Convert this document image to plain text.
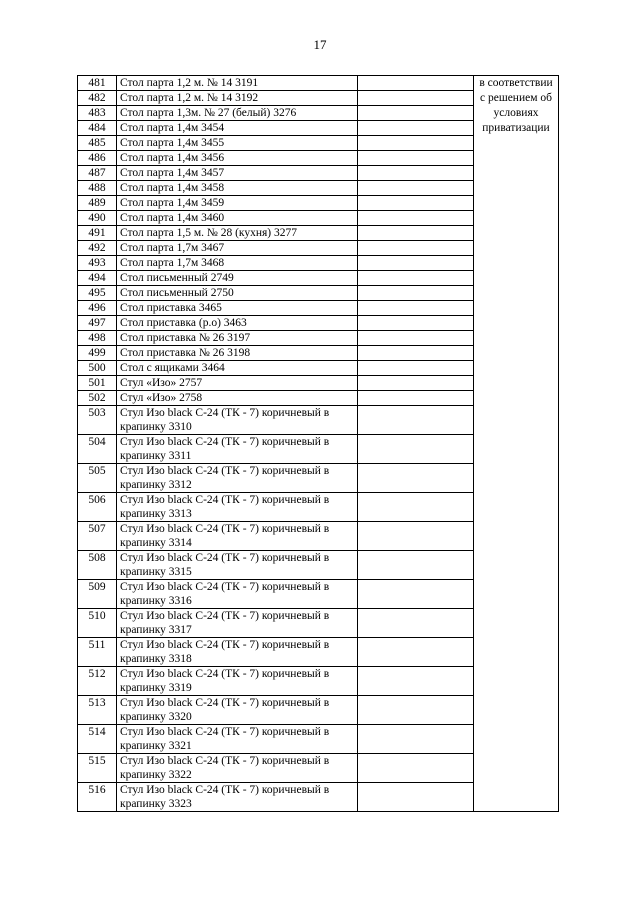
17
481	Стол парта 1,2 м. № 14 3191		в соответствии с решением об условиях приватизации
482	Стол парта 1,2 м. № 14 3192		
483	Стол парта 1,3м. № 27 (белый) 3276		
484	Стол парта 1,4м 3454		
485	Стол парта 1,4м 3455		
486	Стол парта 1,4м 3456		
487	Стол парта 1,4м 3457		
488	Стол парта 1,4м 3458		
489	Стол парта 1,4м 3459		
490	Стол парта 1,4м 3460		
491	Стол парта 1,5 м. № 28 (кухня) 3277		
492	Стол парта 1,7м 3467		
493	Стол парта 1,7м 3468		
494	Стол письменный 2749		
495	Стол письменный 2750		
496	Стол приставка 3465		
497	Стол приставка (р.о) 3463		
498	Стол приставка № 26 3197		
499	Стол приставка № 26 3198		
500	Стол с ящиками 3464		
501	Стул «Изо» 2757		
502	Стул «Изо» 2758		
503	Стул Изо black С-24 (ТК - 7) коричневый в крапинку 3310		
504	Стул Изо black С-24 (ТК - 7) коричневый в крапинку 3311		
505	Стул Изо black С-24 (ТК - 7) коричневый в крапинку 3312		
506	Стул Изо black С-24 (ТК - 7) коричневый в крапинку 3313		
507	Стул Изо black С-24 (ТК - 7) коричневый в крапинку 3314		
508	Стул Изо black С-24 (ТК - 7) коричневый в крапинку 3315		
509	Стул Изо black С-24 (ТК - 7) коричневый в крапинку 3316		
510	Стул Изо black С-24 (ТК - 7) коричневый в крапинку 3317		
511	Стул Изо black С-24 (ТК - 7) коричневый в крапинку 3318		
512	Стул Изо black С-24 (ТК - 7) коричневый в крапинку 3319		
513	Стул Изо black С-24 (ТК - 7) коричневый в крапинку 3320		
514	Стул Изо black С-24 (ТК - 7) коричневый в крапинку 3321		
515	Стул Изо black С-24 (ТК - 7) коричневый в крапинку 3322		
516	Стул Изо black С-24 (ТК - 7) коричневый в крапинку 3323		
